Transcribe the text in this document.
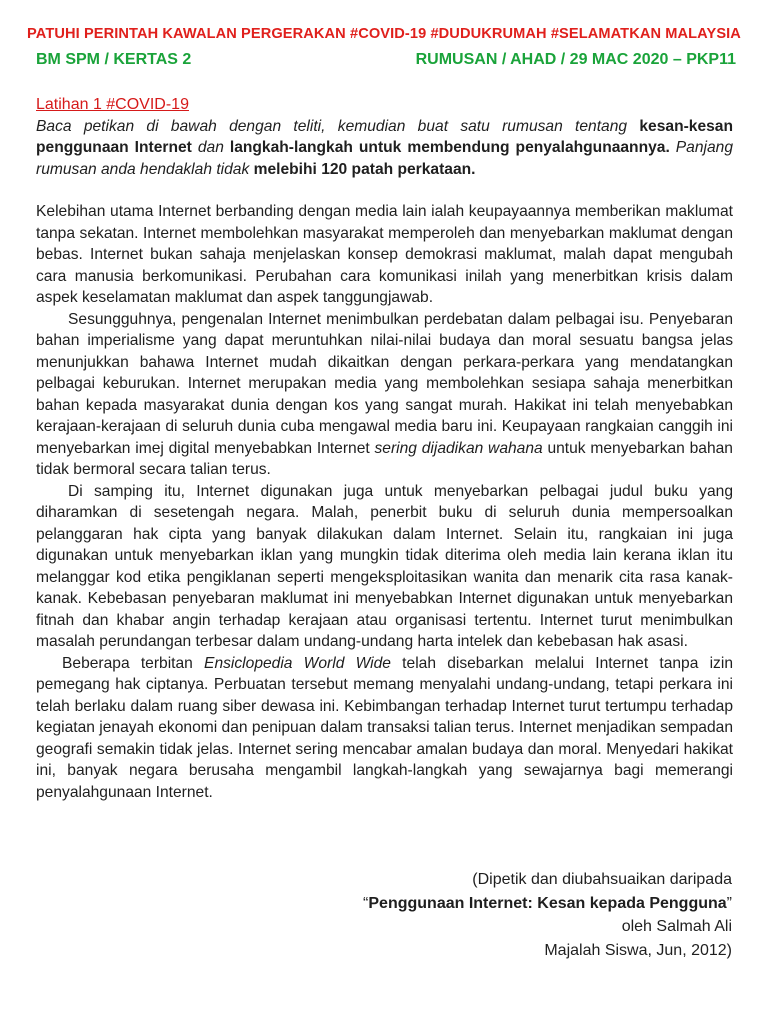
PATUHI PERINTAH KAWALAN PERGERAKAN #COVID-19 #DUDUKRUMAH #SELAMATKAN MALAYSIA
BM SPM / KERTAS 2	RUMUSAN / AHAD / 29 MAC 2020 – PKP11
Latihan 1 #COVID-19

Baca petikan di bawah dengan teliti, kemudian buat satu rumusan tentang kesan-kesan penggunaan Internet dan langkah-langkah untuk membendung penyalahgunaannya. Panjang rumusan anda hendaklah tidak melebihi 120 patah perkataan.

Kelebihan utama Internet berbanding dengan media lain ialah keupayaannya memberikan maklumat tanpa sekatan. Internet membolehkan masyarakat memperoleh dan menyebarkan maklumat dengan bebas. Internet bukan sahaja menjelaskan konsep demokrasi maklumat, malah dapat mengubah cara manusia berkomunikasi. Perubahan cara komunikasi inilah yang menerbitkan krisis dalam aspek keselamatan maklumat dan aspek tanggungjawab.

Sesungguhnya, pengenalan Internet menimbulkan perdebatan dalam pelbagai isu. Penyebaran bahan imperialisme yang dapat meruntuhkan nilai-nilai budaya dan moral sesuatu bangsa jelas menunjukkan bahawa Internet mudah dikaitkan dengan perkara-perkara yang mendatangkan pelbagai keburukan. Internet merupakan media yang membolehkan sesiapa sahaja menerbitkan bahan kepada masyarakat dunia dengan kos yang sangat murah. Hakikat ini telah menyebabkan kerajaan-kerajaan di seluruh dunia cuba mengawal media baru ini. Keupayaan rangkaian canggih ini menyebarkan imej digital menyebabkan Internet sering dijadikan wahana untuk menyebarkan bahan tidak bermoral secara talian terus.

Di samping itu, Internet digunakan juga untuk menyebarkan pelbagai judul buku yang diharamkan di sesetengah negara. Malah, penerbit buku di seluruh dunia mempersoalkan pelanggaran hak cipta yang banyak dilakukan dalam Internet. Selain itu, rangkaian ini juga digunakan untuk menyebarkan iklan yang mungkin tidak diterima oleh media lain kerana iklan itu melanggar kod etika pengiklanan seperti mengeksploitasikan wanita dan menarik cita rasa kanak-kanak. Kebebasan penyebaran maklumat ini menyebabkan Internet digunakan untuk menyebarkan fitnah dan khabar angin terhadap kerajaan atau organisasi tertentu. Internet turut menimbulkan masalah perundangan terbesar dalam undang-undang harta intelek dan kebebasan hak asasi.

Beberapa terbitan Ensiclopedia World Wide telah disebarkan melalui Internet tanpa izin pemegang hak ciptanya. Perbuatan tersebut memang menyalahi undang-undang, tetapi perkara ini telah berlaku dalam ruang siber dewasa ini. Kebimbangan terhadap Internet turut tertumpu terhadap kegiatan jenayah ekonomi dan penipuan dalam transaksi talian terus. Internet menjadikan sempadan geografi semakin tidak jelas. Internet sering mencabar amalan budaya dan moral. Menyedari hakikat ini, banyak negara berusaha mengambil langkah-langkah yang sewajarnya bagi memerangi penyalahgunaan Internet.

(Dipetik dan diubahsuaikan daripada
“Penggunaan Internet: Kesan kepada Pengguna”
oleh Salmah Ali
Majalah Siswa, Jun, 2012)
